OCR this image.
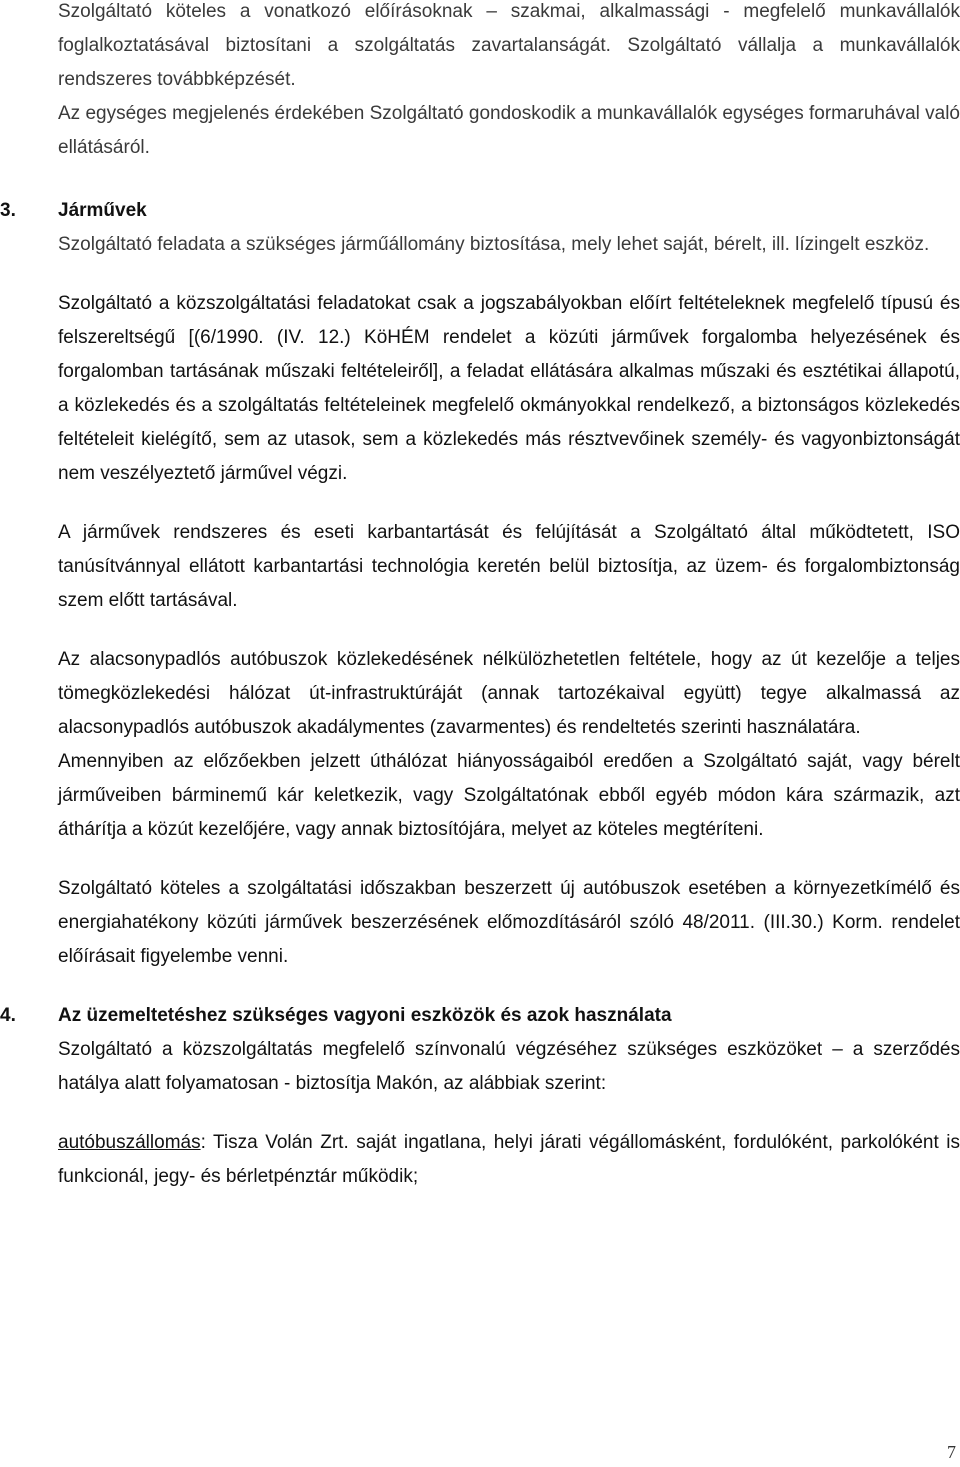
Szolgáltató köteles a vonatkozó előírásoknak – szakmai, alkalmassági - megfelelő munkavállalók foglalkoztatásával biztosítani a szolgáltatás zavartalanságát. Szolgáltató vállalja a munkavállalók rendszeres továbbképzését.

Az egységes megjelenés érdekében Szolgáltató gondoskodik a munkavállalók egységes formaruhával való ellátásáról.

3.	Járművek

Szolgáltató feladata a szükséges járműállomány biztosítása, mely lehet saját, bérelt, ill. lízingelt eszköz.

Szolgáltató a közszolgáltatási feladatokat csak a jogszabályokban előírt feltételeknek megfelelő típusú és felszereltségű [(6/1990. (IV. 12.) KöHÉM rendelet a közúti járművek forgalomba helyezésének és forgalomban tartásának műszaki feltételeiről], a feladat ellátására alkalmas műszaki és esztétikai állapotú, a közlekedés és a szolgáltatás feltételeinek megfelelő okmányokkal rendelkező, a biztonságos közlekedés feltételeit kielégítő, sem az utasok, sem a közlekedés más résztvevőinek személy- és vagyonbiztonságát nem veszélyeztető járművel végzi.

A járművek rendszeres és eseti karbantartását és felújítását a Szolgáltató által működtetett, ISO tanúsítvánnyal ellátott karbantartási technológia keretén belül biztosítja, az üzem- és forgalombiztonság szem előtt tartásával.

Az alacsonypadlós autóbuszok közlekedésének nélkülözhetetlen feltétele, hogy az út kezelője a teljes tömegközlekedési hálózat út-infrastruktúráját (annak tartozékaival együtt) tegye alkalmassá az alacsonypadlós autóbuszok akadálymentes (zavarmentes) és rendeltetés szerinti használatára.

Amennyiben az előzőekben jelzett úthálózat hiányosságaiból eredően a Szolgáltató saját, vagy bérelt járműveiben bárminemű kár keletkezik, vagy Szolgáltatónak ebből egyéb módon kára származik, azt áthárítja a közút kezelőjére, vagy annak biztosítójára, melyet az köteles megtéríteni.

Szolgáltató köteles a szolgáltatási időszakban beszerzett új autóbuszok esetében a környezetkímélő és energiahatékony közúti járművek beszerzésének előmozdításáról szóló 48/2011. (III.30.) Korm. rendelet előírásait figyelembe venni.

4.	Az üzemeltetéshez szükséges vagyoni eszközök és azok használata

Szolgáltató a közszolgáltatás megfelelő színvonalú végzéséhez szükséges eszközöket – a szerződés hatálya alatt folyamatosan - biztosítja Makón, az alábbiak szerint:

autóbuszállomás: Tisza Volán Zrt. saját ingatlana, helyi járati végállomásként, fordulóként, parkolóként is funkcionál, jegy- és bérletpénztár működik;

7
